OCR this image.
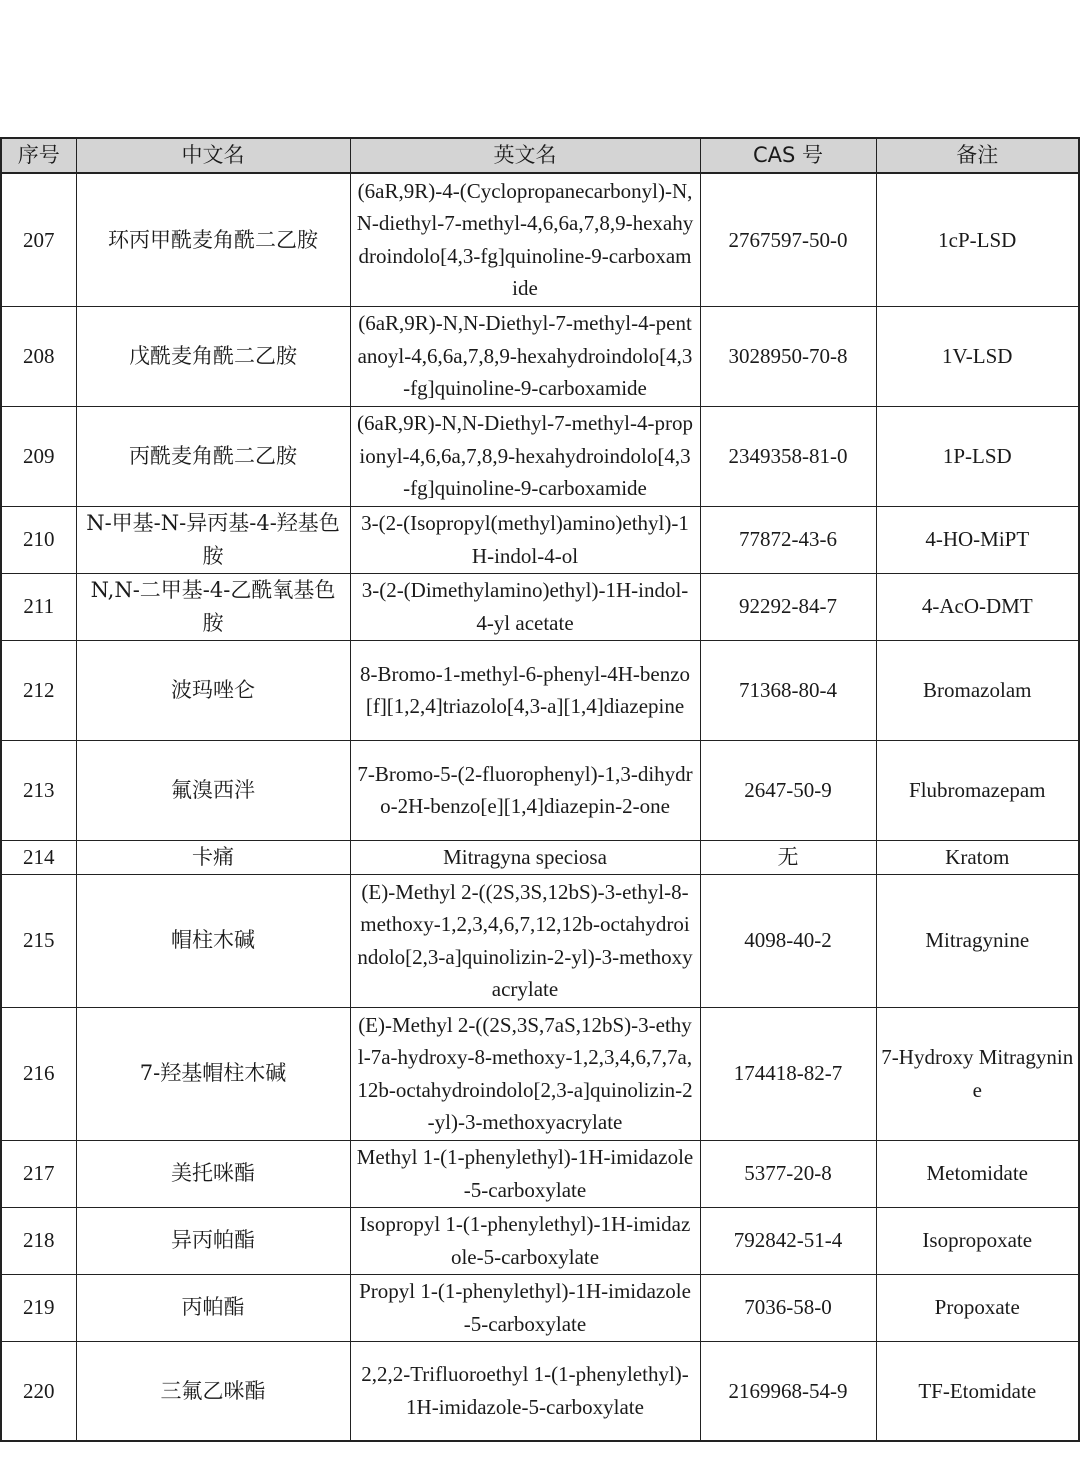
序号	中文名	英文名	CAS 号	备注
207	环丙甲酰麦角酰二乙胺	(6aR,9R)-4-(Cyclopropanecarbonyl)-N,N-diethyl-7-methyl-4,6,6a,7,8,9-hexahydroindolo[4,3-fg]quinoline-9-carboxamide	2767597-50-0	1cP-LSD
208	戊酰麦角酰二乙胺	(6aR,9R)-N,N-Diethyl-7-methyl-4-pentanoyl-4,6,6a,7,8,9-hexahydroindolo[4,3-fg]quinoline-9-carboxamide	3028950-70-8	1V-LSD
209	丙酰麦角酰二乙胺	(6aR,9R)-N,N-Diethyl-7-methyl-4-propionyl-4,6,6a,7,8,9-hexahydroindolo[4,3-fg]quinoline-9-carboxamide	2349358-81-0	1P-LSD
210	N-甲基-N-异丙基-4-羟基色胺	3-(2-(Isopropyl(methyl)amino)ethyl)-1H-indol-4-ol	77872-43-6	4-HO-MiPT
211	N,N-二甲基-4-乙酰氧基色胺	3-(2-(Dimethylamino)ethyl)-1H-indol-4-yl acetate	92292-84-7	4-AcO-DMT
212	波玛唑仑	8-Bromo-1-methyl-6-phenyl-4H-benzo[f][1,2,4]triazolo[4,3-a][1,4]diazepine	71368-80-4	Bromazolam
213	氟溴西泮	7-Bromo-5-(2-fluorophenyl)-1,3-dihydro-2H-benzo[e][1,4]diazepin-2-one	2647-50-9	Flubromazepam
214	卡痛	Mitragyna speciosa	无	Kratom
215	帽柱木碱	(E)-Methyl 2-((2S,3S,12bS)-3-ethyl-8-methoxy-1,2,3,4,6,7,12,12b-octahydroindolo[2,3-a]quinolizin-2-yl)-3-methoxyacrylate	4098-40-2	Mitragynine
216	7-羟基帽柱木碱	(E)-Methyl 2-((2S,3S,7aS,12bS)-3-ethyl-7a-hydroxy-8-methoxy-1,2,3,4,6,7,7a,12b-octahydroindolo[2,3-a]quinolizin-2-yl)-3-methoxyacrylate	174418-82-7	7-Hydroxy Mitragynine
217	美托咪酯	Methyl 1-(1-phenylethyl)-1H-imidazole-5-carboxylate	5377-20-8	Metomidate
218	异丙帕酯	Isopropyl 1-(1-phenylethyl)-1H-imidazole-5-carboxylate	792842-51-4	Isopropoxate
219	丙帕酯	Propyl 1-(1-phenylethyl)-1H-imidazole-5-carboxylate	7036-58-0	Propoxate
220	三氟乙咪酯	2,2,2-Trifluoroethyl 1-(1-phenylethyl)-1H-imidazole-5-carboxylate	2169968-54-9	TF-Etomidate
